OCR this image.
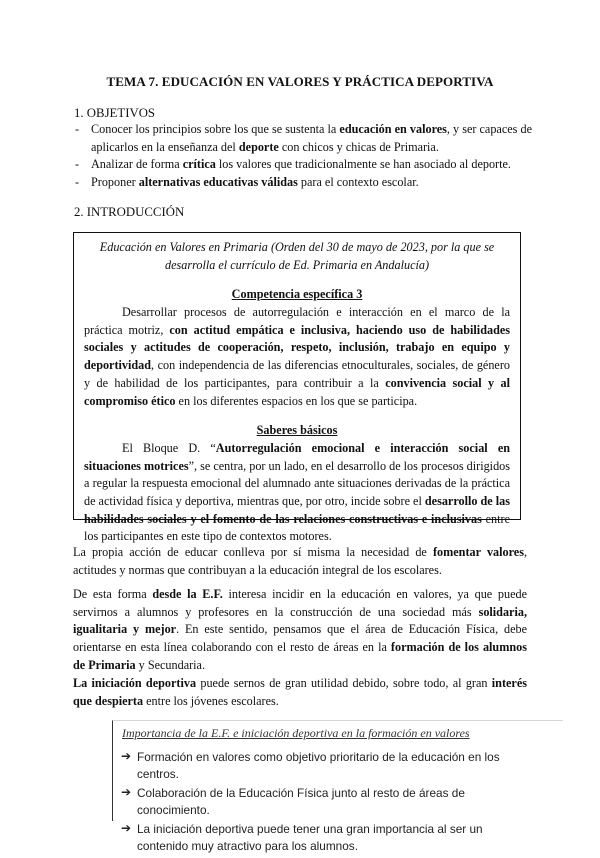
TEMA 7. EDUCACIÓN EN VALORES Y PRÁCTICA DEPORTIVA
1. OBJETIVOS
- Conocer los principios sobre los que se sustenta la educación en valores, y ser capaces de aplicarlos en la enseñanza del deporte con chicos y chicas de Primaria.
- Analizar de forma crítica los valores que tradicionalmente se han asociado al deporte.
- Proponer alternativas educativas válidas para el contexto escolar.
2. INTRODUCCIÓN
Educación en Valores en Primaria (Orden del 30 de mayo de 2023, por la que se
desarrolla el currículo de Ed. Primaria en Andalucía)
Competencia específica 3

Desarrollar procesos de autorregulación e interacción en el marco de la práctica motriz, con actitud empática e inclusiva, haciendo uso de habilidades sociales y actitudes de cooperación, respeto, inclusión, trabajo en equipo y deportividad, con independencia de las diferencias etnoculturales, sociales, de género y de habilidad de los participantes, para contribuir a la convivencia social y al compromiso ético en los diferentes espacios en los que se participa.

Saberes básicos

El Bloque D. “Autorregulación emocional e interacción social en situaciones motrices”, se centra, por un lado, en el desarrollo de los procesos dirigidos a regular la respuesta emocional del alumnado ante situaciones derivadas de la práctica de actividad física y deportiva, mientras que, por otro, incide sobre el desarrollo de las habilidades sociales y el fomento de las relaciones constructivas e inclusivas entre los participantes en este tipo de contextos motores.

La propia acción de educar conlleva por sí misma la necesidad de fomentar valores, actitudes y normas que contribuyan a la educación integral de los escolares.

De esta forma desde la E.F. interesa incidir en la educación en valores, ya que puede servirnos a alumnos y profesores en la construcción de una sociedad más solidaria, igualitaria y mejor. En este sentido, pensamos que el área de Educación Física, debe orientarse en esta línea colaborando con el resto de áreas en la formación de los alumnos de Primaria y Secundaria.

La iniciación deportiva puede sernos de gran utilidad debido, sobre todo, al gran interés que despierta entre los jóvenes escolares.

Importancia de la E.F. e iniciación deportiva en la formación en valores
➔ Formación en valores como objetivo prioritario de la educación en los centros.
➔ Colaboración de la Educación Física junto al resto de áreas de conocimiento.
➔ La iniciación deportiva puede tener una gran importancia al ser un contenido muy atractivo para los alumnos.
